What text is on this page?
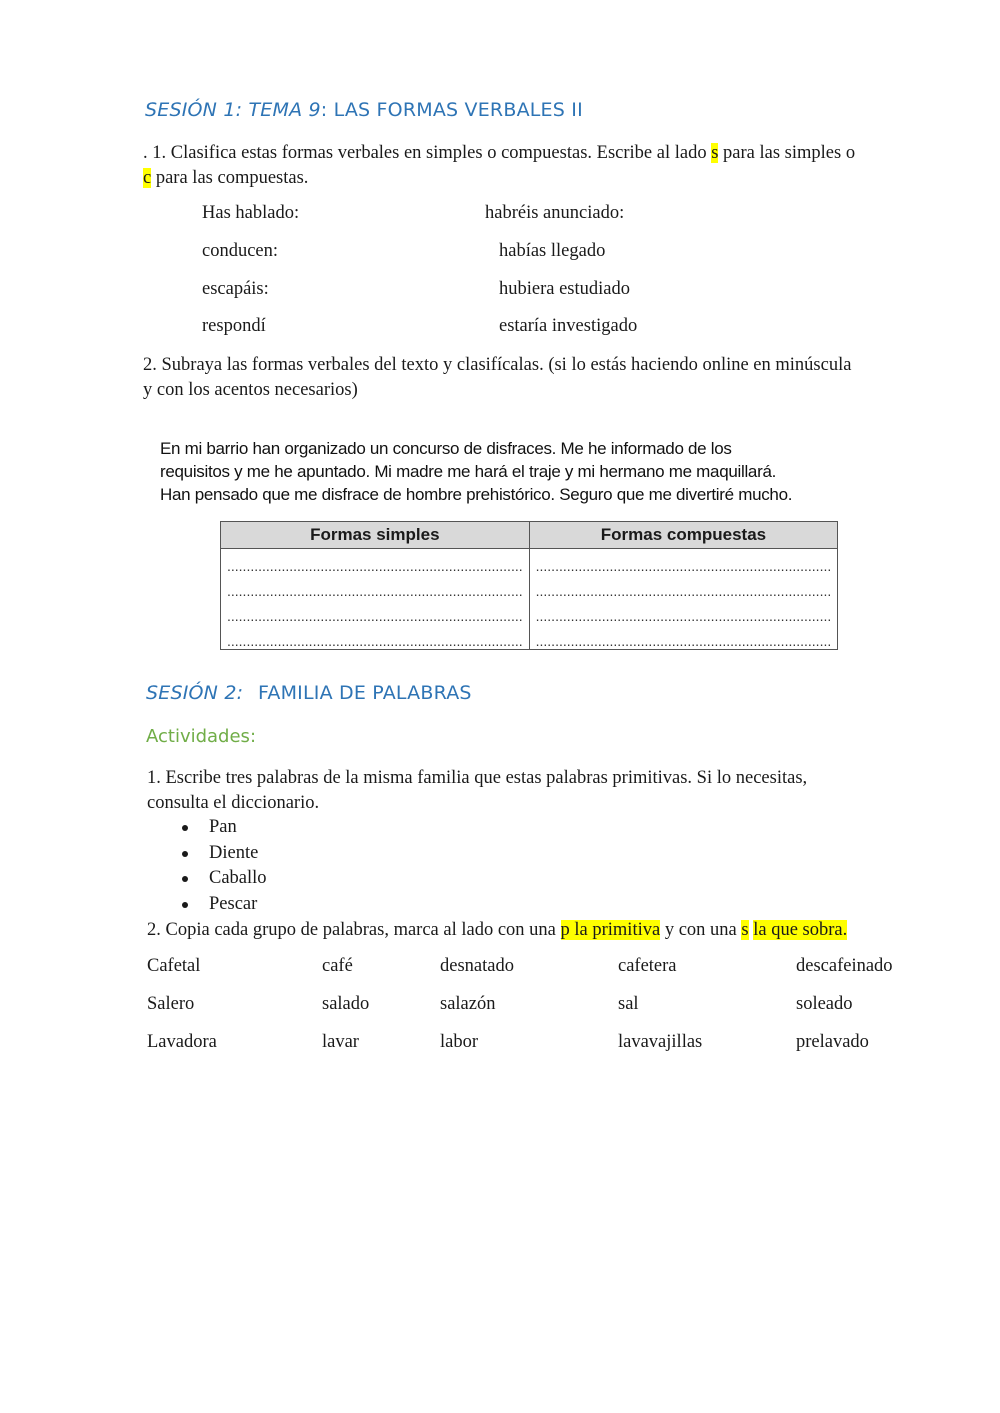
SESIÓN 1: TEMA 9: LAS FORMAS VERBALES II
. 1. Clasifica estas formas verbales en simples o compuestas. Escribe al lado s para las simples o
c para las compuestas.
Has hablado:	habréis anunciado:
conducen:	habías llegado
escapáis:	hubiera estudiado
respondí	estaría investigado
2. Subraya las formas verbales del texto y clasifícalas. (si lo estás haciendo online en minúscula
y con los acentos necesarios)
En mi barrio han organizado un concurso de disfraces. Me he informado de los
requisitos y me he apuntado. Mi madre me hará el traje y mi hermano me maquillará.
Han pensado que me disfrace de hombre prehistórico. Seguro que me divertiré mucho.
Formas simples	Formas compuestas
............................................................................	............................................................................
............................................................................	............................................................................
............................................................................	............................................................................
............................................................................	............................................................................
SESIÓN 2: FAMILIA DE PALABRAS
Actividades:
1. Escribe tres palabras de la misma familia que estas palabras primitivas. Si lo necesitas,
consulta el diccionario.
Pan
Diente
Caballo
Pescar
2. Copia cada grupo de palabras, marca al lado con una p la primitiva y con una s la que sobra.
Cafetal	café	desnatado	cafetera	descafeinado
Salero	salado	salazón	sal	soleado
Lavadora	lavar	labor	lavavajillas	prelavado
